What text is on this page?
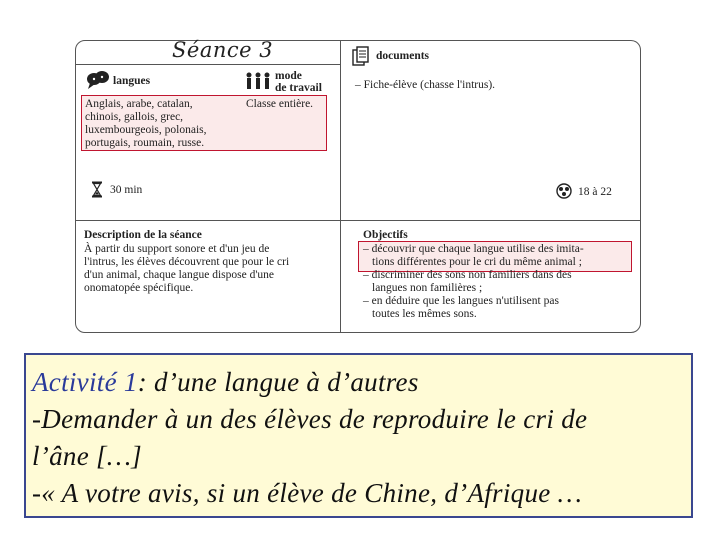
Séance 3
langues	mode
de travail
documents
– Fiche-élève (chasse l'intrus).
Anglais, arabe, catalan,
chinois, gallois, grec,
luxembourgeois, polonais,
portugais, roumain, russe.
Classe entière.
30 min	18 à 22
Description de la séance
À partir du support sonore et d'un jeu de
l'intrus, les élèves découvrent que pour le cri
d'un animal, chaque langue dispose d'une
onomatopée spécifique.
Objectifs
– découvrir que chaque langue utilise des imita-
tions différentes pour le cri du même animal ;
– discriminer des sons non familiers dans des
langues non familières ;
– en déduire que les langues n'utilisent pas
toutes les mêmes sons.
Activité 1: d’une langue à d’autres
-Demander à un des élèves de reproduire le cri de
l’âne […]
-« A votre avis, si un élève de Chine, d’Afrique …
